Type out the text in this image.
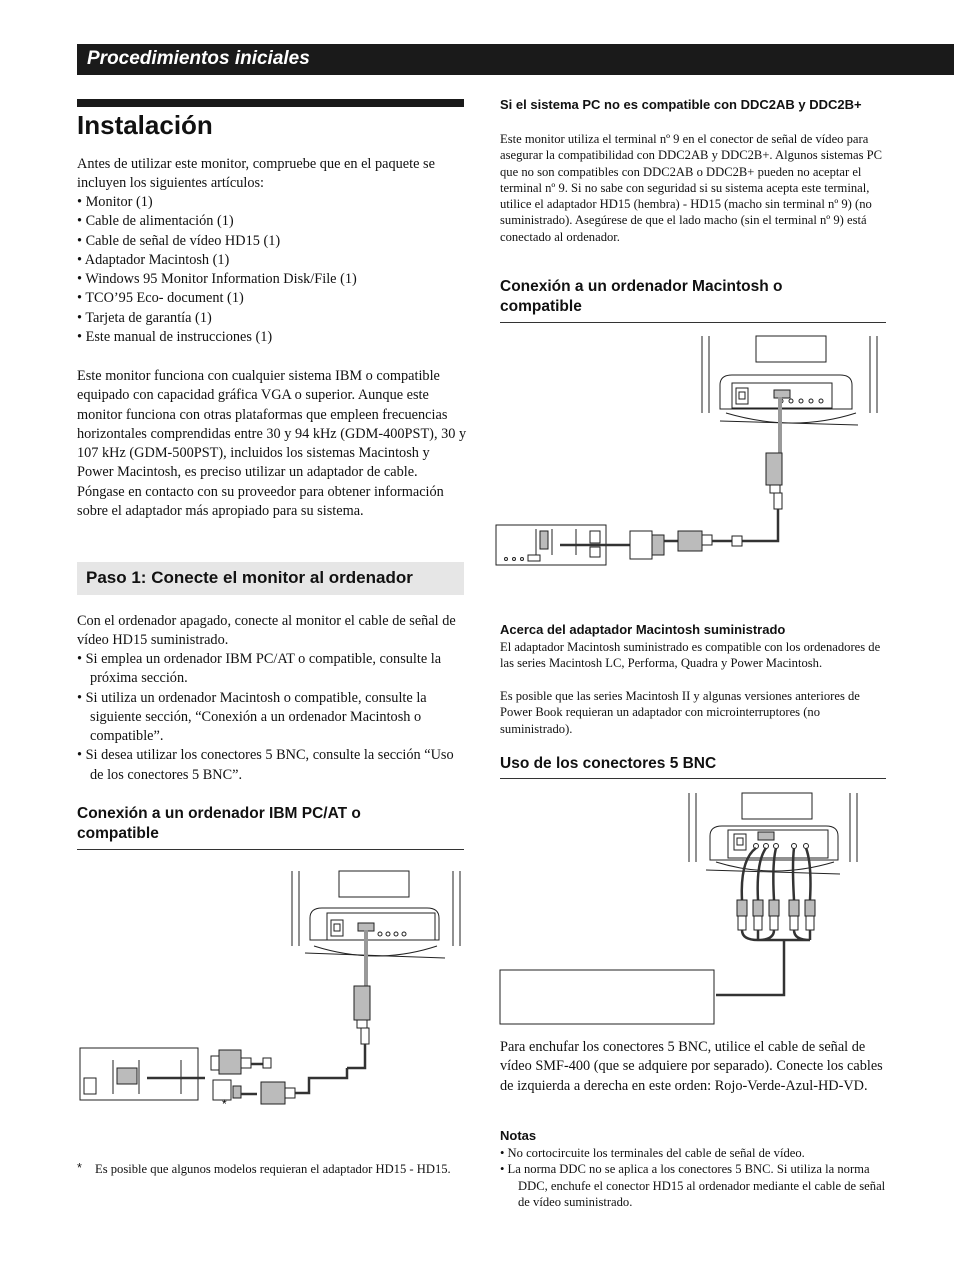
Procedimientos iniciales
Instalación

Antes de utilizar este monitor, compruebe que en el paquete se incluyen los siguientes artículos:

• Monitor (1)
• Cable de alimentación (1)
• Cable de señal de vídeo HD15 (1)
• Adaptador Macintosh (1)
• Windows 95 Monitor Information Disk/File (1)
• TCO’95 Eco- document (1)
• Tarjeta de garantía (1)
• Este manual de instrucciones (1)

Este monitor funciona con cualquier sistema IBM o compatible equipado con capacidad gráfica VGA o superior. Aunque este monitor funciona con otras plataformas que empleen frecuencias horizontales comprendidas entre 30 y 94 kHz (GDM-400PST), 30 y 107 kHz (GDM-500PST), incluidos los sistemas Macintosh y Power Macintosh, es preciso utilizar un adaptador de cable. Póngase en contacto con su proveedor para obtener información sobre el adaptador más apropiado para su sistema.

Paso 1: Conecte el monitor al ordenador

Con el ordenador apagado, conecte al monitor el cable de señal de vídeo HD15 suministrado.

• Si emplea un ordenador IBM PC/AT o compatible, consulte la próxima sección.
• Si utiliza un ordenador Macintosh o compatible, consulte la siguiente sección, “Conexión a un ordenador Macintosh o compatible”.
• Si desea utilizar los conectores 5 BNC, consulte la sección “Uso de los conectores 5 BNC”.
Conexión a un ordenador IBM PC/AT o compatible
*
* Es posible que algunos modelos requieran el adaptador HD15 - HD15.

Si el sistema PC no es compatible con DDC2AB y DDC2B+

Este monitor utiliza el terminal nº 9 en el conector de señal de vídeo para asegurar la compatibilidad con DDC2AB y DDC2B+. Algunos sistemas PC que no son compatibles con DDC2AB o DDC2B+ pueden no aceptar el terminal nº 9. Si no sabe con seguridad si su sistema acepta este terminal, utilice el adaptador HD15 (hembra) - HD15 (macho sin terminal nº 9) (no suministrado). Asegúrese de que el lado macho (sin el terminal nº 9) está conectado al ordenador.

Conexión a un ordenador Macintosh o compatible
Acerca del adaptador Macintosh suministrado

El adaptador Macintosh suministrado es compatible con los ordenadores de las series Macintosh LC, Performa, Quadra y Power Macintosh.

Es posible que las series Macintosh II y algunas versiones anteriores de Power Book requieran un adaptador con microinterruptores (no suministrado).

Uso de los conectores 5 BNC

Para enchufar los conectores 5 BNC, utilice el cable de señal de vídeo SMF-400 (que se adquiere por separado). Conecte los cables de izquierda a derecha en este orden: Rojo-Verde-Azul-HD-VD.

Notas
• No cortocircuite los terminales del cable de señal de vídeo.
• La norma DDC no se aplica a los conectores 5 BNC. Si utiliza la norma DDC, enchufe el conector HD15 al ordenador mediante el cable de señal de vídeo suministrado.
